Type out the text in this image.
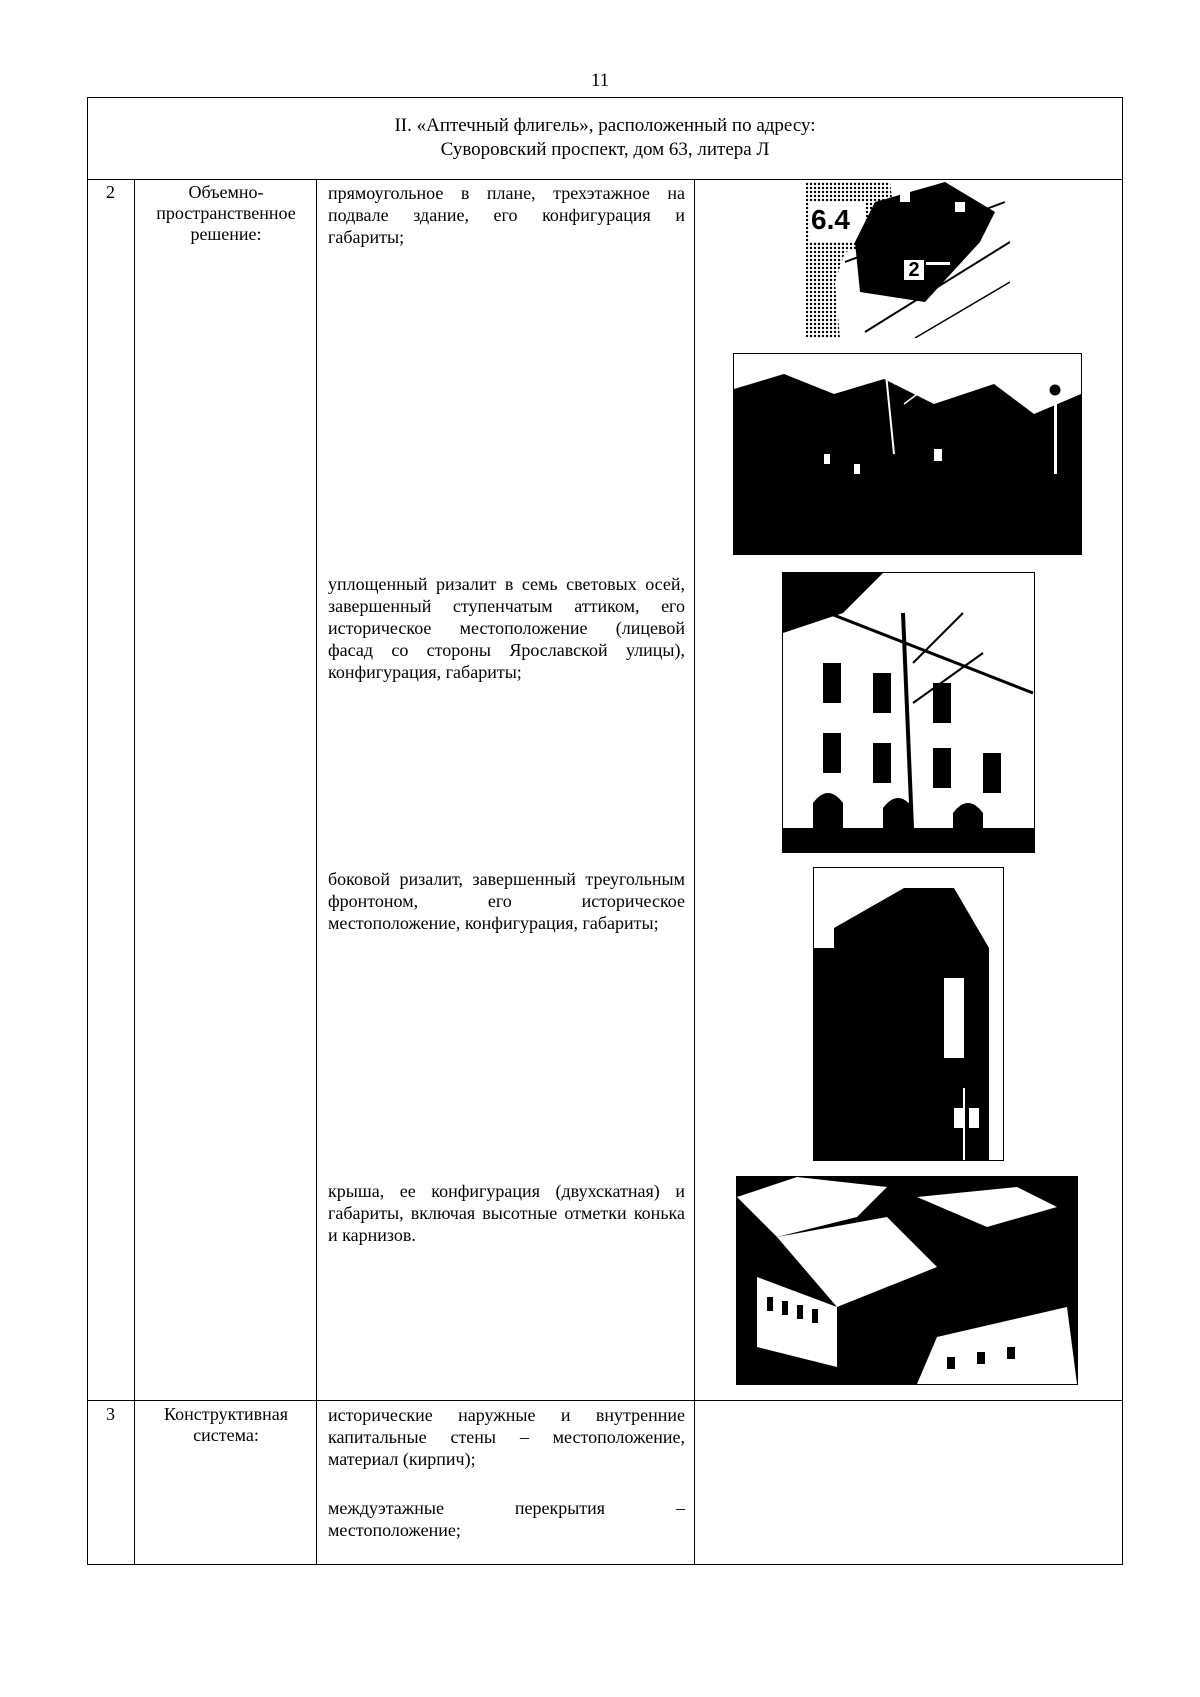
11
II. «Аптечный флигель», расположенный по адресу:
Суворовский проспект, дом 63, литера Л
2	Объемно-пространственное решение:
прямоугольное в плане, трехэтажное на подвале здание, его конфигурация и габариты;
уплощенный ризалит в семь световых осей, завершенный ступенчатым аттиком, его историческое местоположение (лицевой фасад со стороны Ярославской улицы), конфигурация, габариты;
боковой ризалит, завершенный треугольным фронтоном, его историческое местоположение, конфигурация, габариты;
крыша, ее конфигурация (двухскатная) и габариты, включая высотные отметки конька и карнизов.
6.4
2
3	Конструктивная система:
исторические наружные и внутренние капитальные стены – местоположение, материал (кирпич);
междуэтажные перекрытия – местоположение;
